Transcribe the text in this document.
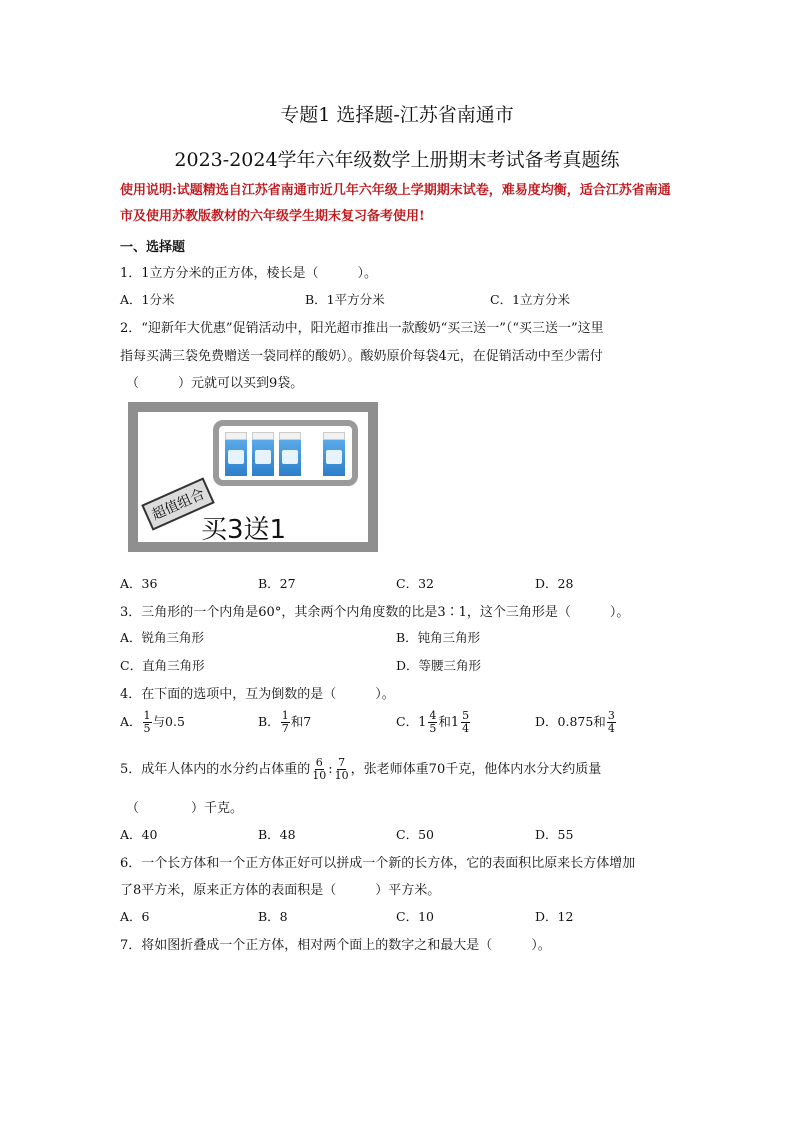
专题1 选择题-江苏省南通市
2023-2024学年六年级数学上册期末考试备考真题练
使用说明:试题精选自江苏省南通市近几年六年级上学期期末试卷，难易度均衡，适合江苏省南通市及使用苏教版教材的六年级学生期末复习备考使用!
一、选择题
1．1立方分米的正方体，棱长是（　　　）。
A．1分米	B．1平方分米	C．1立方分米
2．“迎新年大优惠”促销活动中，阳光超市推出一款酸奶“买三送一”（“买三送一”这里
指每买满三袋免费赠送一袋同样的酸奶）。酸奶原价每袋4元，在促销活动中至少需付
（　　　）元就可以买到9袋。
超值组合
买3送1
A．36	B．27	C．32	D．28
3．三角形的一个内角是60°，其余两个内角度数的比是3∶1，这个三角形是（　　　）。
A．锐角三角形	B．钝角三角形
C．直角三角形	D．等腰三角形
4．在下面的选项中，互为倒数的是（　　　）。
A． $\frac{1}{5}$ 与0.5	B． $\frac{1}{7}$ 和7	C． $1 \frac{4}{5}$ 和 $1 \frac{5}{4}$	D．0.875和 $\frac{3}{4}$
5．成年人体内的水分约占体重的 $\frac{6}{10}$ : $\frac{7}{10}$ ，张老师体重70千克，他体内水分大约质量
（　　　　）千克。
A．40	B．48	C．50	D．55
6．一个长方体和一个正方体正好可以拼成一个新的长方体，它的表面积比原来长方体增加
了8平方米，原来正方体的表面积是（　　　）平方米。
A．6	B．8	C．10	D．12
7．将如图折叠成一个正方体，相对两个面上的数字之和最大是（　　　）。
